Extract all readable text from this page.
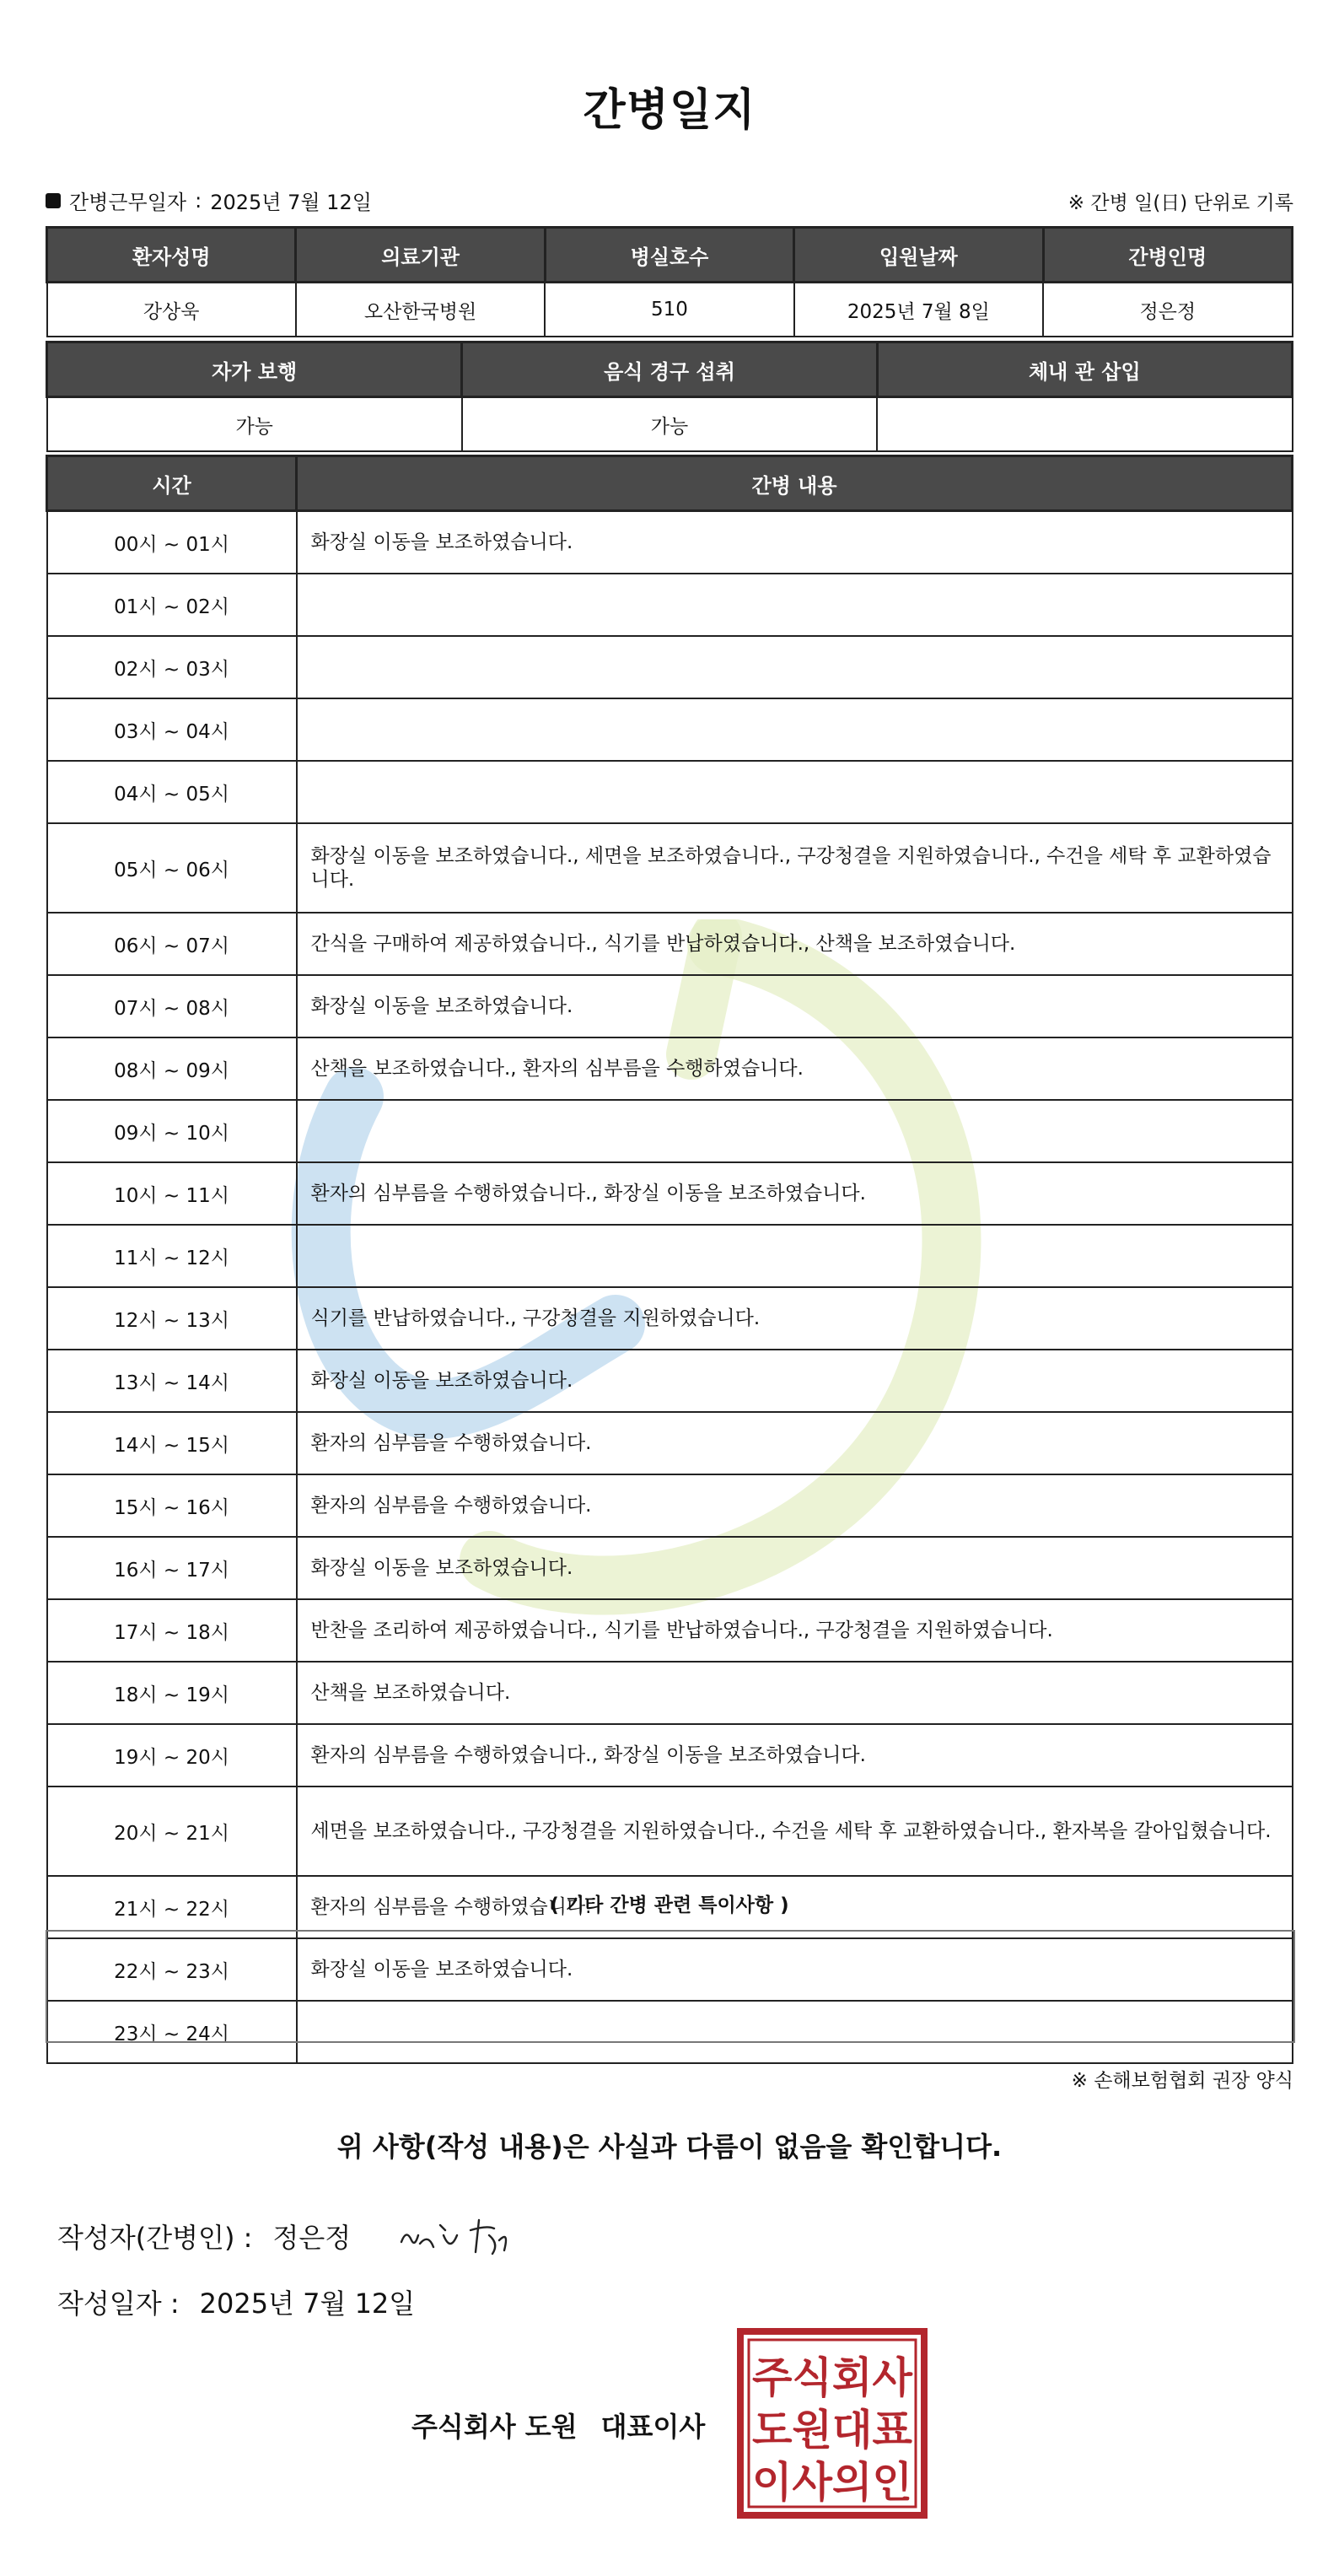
간병일지
간병근무일자 : 2025년 7월 12일	※ 간병 일(日) 단위로 기록
환자성명	의료기관	병실호수	입원날짜	간병인명
강상욱	오산한국병원	510	2025년 7월 8일	정은정
자가 보행	음식 경구 섭취	체내 관 삽입
가능	가능	
시간	간병 내용
00시 ~ 01시	화장실 이동을 보조하였습니다.
01시 ~ 02시	
02시 ~ 03시	
03시 ~ 04시	
04시 ~ 05시	
05시 ~ 06시	화장실 이동을 보조하였습니다., 세면을 보조하였습니다., 구강청결을 지원하였습니다., 수건을 세탁 후 교환하였습니다.
06시 ~ 07시	간식을 구매하여 제공하였습니다., 식기를 반납하였습니다., 산책을 보조하였습니다.
07시 ~ 08시	화장실 이동을 보조하였습니다.
08시 ~ 09시	산책을 보조하였습니다., 환자의 심부름을 수행하였습니다.
09시 ~ 10시	
10시 ~ 11시	환자의 심부름을 수행하였습니다., 화장실 이동을 보조하였습니다.
11시 ~ 12시	
12시 ~ 13시	식기를 반납하였습니다., 구강청결을 지원하였습니다.
13시 ~ 14시	화장실 이동을 보조하였습니다.
14시 ~ 15시	환자의 심부름을 수행하였습니다.
15시 ~ 16시	환자의 심부름을 수행하였습니다.
16시 ~ 17시	화장실 이동을 보조하였습니다.
17시 ~ 18시	반찬을 조리하여 제공하였습니다., 식기를 반납하였습니다., 구강청결을 지원하였습니다.
18시 ~ 19시	산책을 보조하였습니다.
19시 ~ 20시	환자의 심부름을 수행하였습니다., 화장실 이동을 보조하였습니다.
20시 ~ 21시	세면을 보조하였습니다., 구강청결을 지원하였습니다., 수건을 세탁 후 교환하였습니다., 환자복을 갈아입혔습니다.
21시 ~ 22시	환자의 심부름을 수행하였습니다.
22시 ~ 23시	화장실 이동을 보조하였습니다.
23시 ~ 24시	
( 기타 간병 관련 특이사항 )
※ 손해보험협회 권장 양식
위 사항(작성 내용)은 사실과 다름이 없음을 확인합니다.
작성자(간병인) : 정은정
작성일자 : 2025년 7월 12일
주식회사 도원 대표이사
주식회사
도원대표
이사의인
